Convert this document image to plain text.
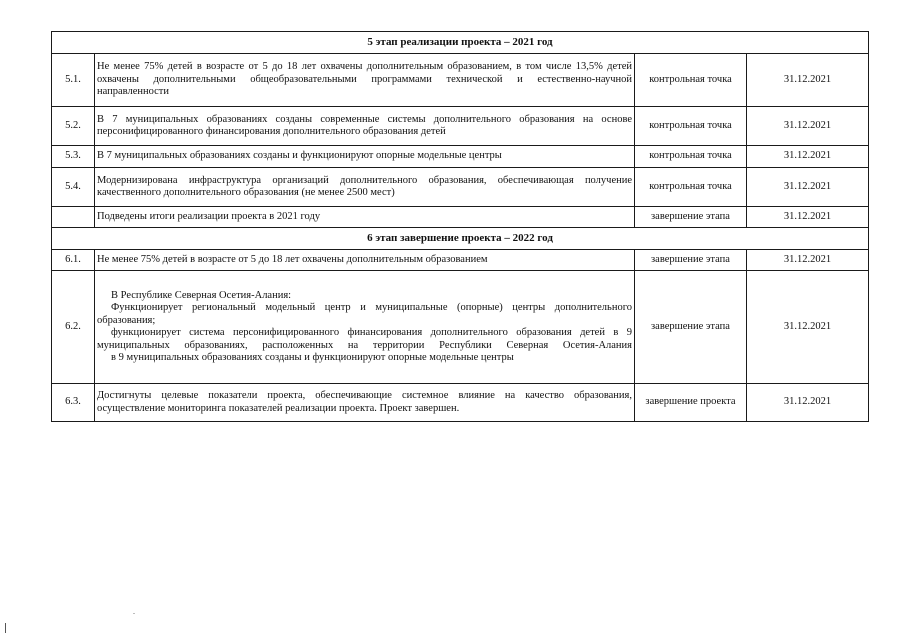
5 этап реализации проекта – 2021 год			
5.1.	Не менее 75% детей в возрасте от 5 до 18 лет охвачены дополнительным образованием, в том числе 13,5% детей охвачены дополнительными общеобразовательными программами технической и естественно-научной направленности	контрольная точка	31.12.2021
5.2.	В 7 муниципальных образованиях созданы современные системы дополнительного образования на основе персонифицированного финансирования дополнительного образования детей	контрольная точка	31.12.2021
5.3.	В 7 муниципальных образованиях созданы и функционируют опорные модельные центры	контрольная точка	31.12.2021
5.4.	Модернизирована инфраструктура организаций дополнительного образования, обеспечивающая получение качественного дополнительного образования (не менее 2500 мест)	контрольная точка	31.12.2021
	Подведены итоги реализации проекта в 2021 году	завершение этапа	31.12.2021
6 этап завершение проекта – 2022 год			
6.1.	Не менее 75% детей в возрасте от 5 до 18 лет охвачены дополнительным образованием	завершение этапа	31.12.2021
6.2.	В Республике Северная Осетия-Алания:

Функционирует региональный модельный центр и муниципальные (опорные) центры дополнительного образования;

функционирует система персонифицированного финансирования дополнительного образования детей в 9 муниципальных образованиях, расположенных на территории Республики Северная Осетия-Алания

в 9 муниципальных образованиях созданы и функционируют опорные модельные центры	завершение этапа	31.12.2021
6.3.	Достигнуты целевые показатели проекта, обеспечивающие системное влияние на качество образования, осуществление мониторинга показателей реализации проекта. Проект завершен.	завершение проекта	31.12.2021
